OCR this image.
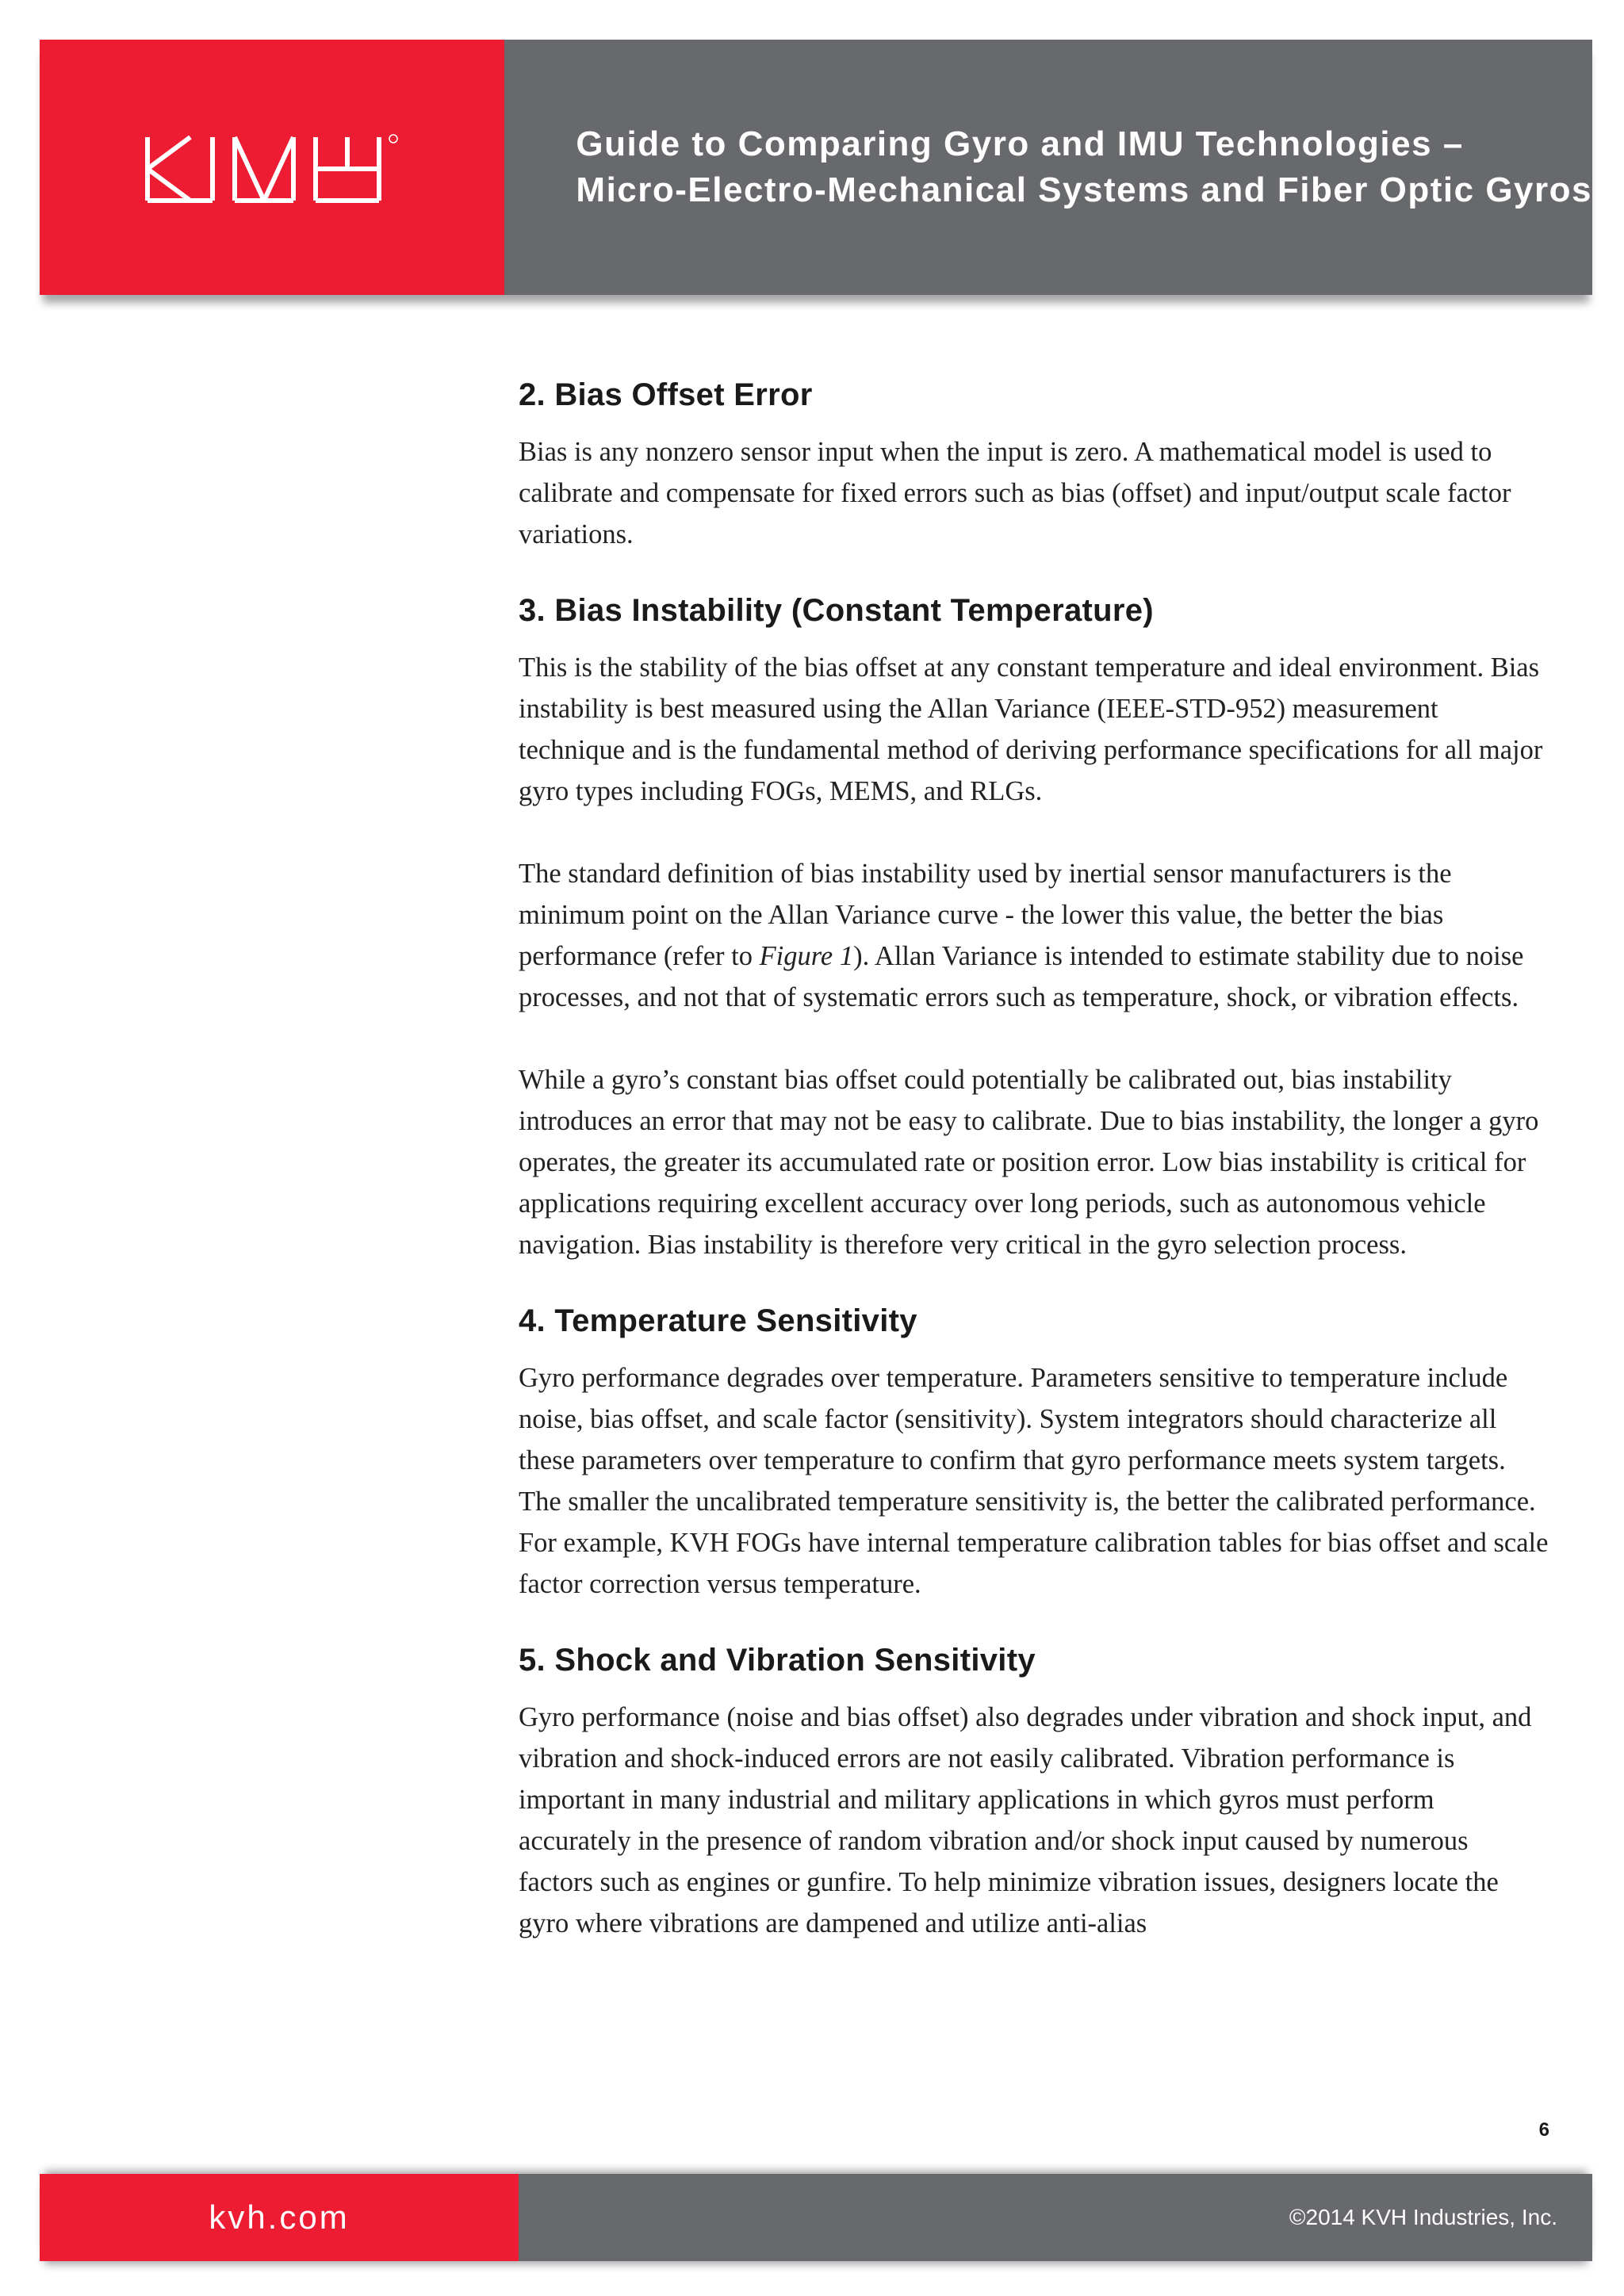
Guide to Comparing Gyro and IMU Technologies –
Micro-Electro-Mechanical Systems and Fiber Optic Gyros
2. Bias Offset Error

Bias is any nonzero sensor input when the input is zero. A mathematical model is used to calibrate and compensate for fixed errors such as bias (offset) and input/output scale factor variations.

3. Bias Instability (Constant Temperature)

This is the stability of the bias offset at any constant temperature and ideal environment. Bias instability is best measured using the Allan Variance (IEEE-STD-952) measurement technique and is the fundamental method of deriving performance specifications for all major gyro types including FOGs, MEMS, and RLGs.

The standard definition of bias instability used by inertial sensor manufacturers is the minimum point on the Allan Variance curve - the lower this value, the better the bias performance (refer to Figure 1). Allan Variance is intended to estimate stability due to noise processes, and not that of systematic errors such as temperature, shock, or vibration effects.

While a gyro’s constant bias offset could potentially be calibrated out, bias instability introduces an error that may not be easy to calibrate. Due to bias instability, the longer a gyro operates, the greater its accumulated rate or position error. Low bias instability is critical for applications requiring excellent accuracy over long periods, such as autonomous vehicle navigation. Bias instability is therefore very critical in the gyro selection process.

4. Temperature Sensitivity

Gyro performance degrades over temperature. Parameters sensitive to temperature include noise, bias offset, and scale factor (sensitivity). System integrators should characterize all these parameters over temperature to confirm that gyro performance meets system targets. The smaller the uncalibrated temperature sensitivity is, the better the calibrated performance. For example, KVH FOGs have internal temperature calibration tables for bias offset and scale factor correction versus temperature.

5. Shock and Vibration Sensitivity

Gyro performance (noise and bias offset) also degrades under vibration and shock input, and vibration and shock-induced errors are not easily calibrated. Vibration performance is important in many industrial and military applications in which gyros must perform accurately in the presence of random vibration and/or shock input caused by numerous factors such as engines or gunfire. To help minimize vibration issues, designers locate the gyro where vibrations are dampened and utilize anti-alias

6
kvh.com	©2014 KVH Industries, Inc.
